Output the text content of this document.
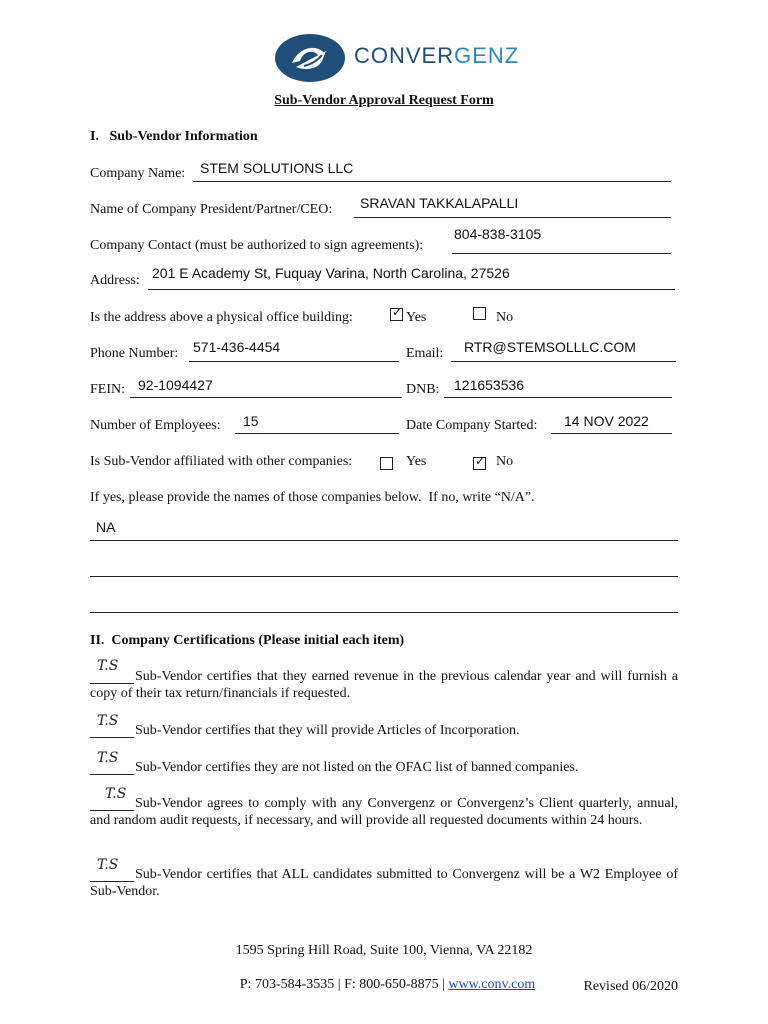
CONVERGENZ
Sub-Vendor Approval Request Form
I.   Sub-Vendor Information
Company Name: STEM SOLUTIONS LLC
Name of Company President/Partner/CEO: SRAVAN TAKKALAPALLI
Company Contact (must be authorized to sign agreements):
804-838-3105
Address: 201 E Academy St, Fuquay Varina, North Carolina, 27526
Is the address above a physical office building:	✓ Yes	No
Phone Number: 571-436-4454	Email: RTR@STEMSOLLLC.COM
FEIN: 92-1094427	DNB: 121653536
Number of Employees: 15	Date Company Started: 14 NOV 2022
Is Sub-Vendor affiliated with other companies:	Yes	✓ No
If yes, please provide the names of those companies below.  If no, write “N/A”.
NA
II.  Company Certifications (Please initial each item)
T.S
Sub-Vendor certifies that they earned revenue in the previous calendar year and will furnish a copy of their tax return/financials if requested.
T.S
Sub-Vendor certifies that they will provide Articles of Incorporation.
T.S
Sub-Vendor certifies they are not listed on the OFAC list of banned companies.
T.S
Sub-Vendor agrees to comply with any Convergenz or Convergenz’s Client quarterly, annual, and random audit requests, if necessary, and will provide all requested documents within 24 hours.
T.S
Sub-Vendor certifies that ALL candidates submitted to Convergenz will be a W2 Employee of Sub-Vendor.
1595 Spring Hill Road, Suite 100, Vienna, VA 22182

P: 703-584-3535 | F: 800-650-8875 | www.conv.com	Revised 06/2020
